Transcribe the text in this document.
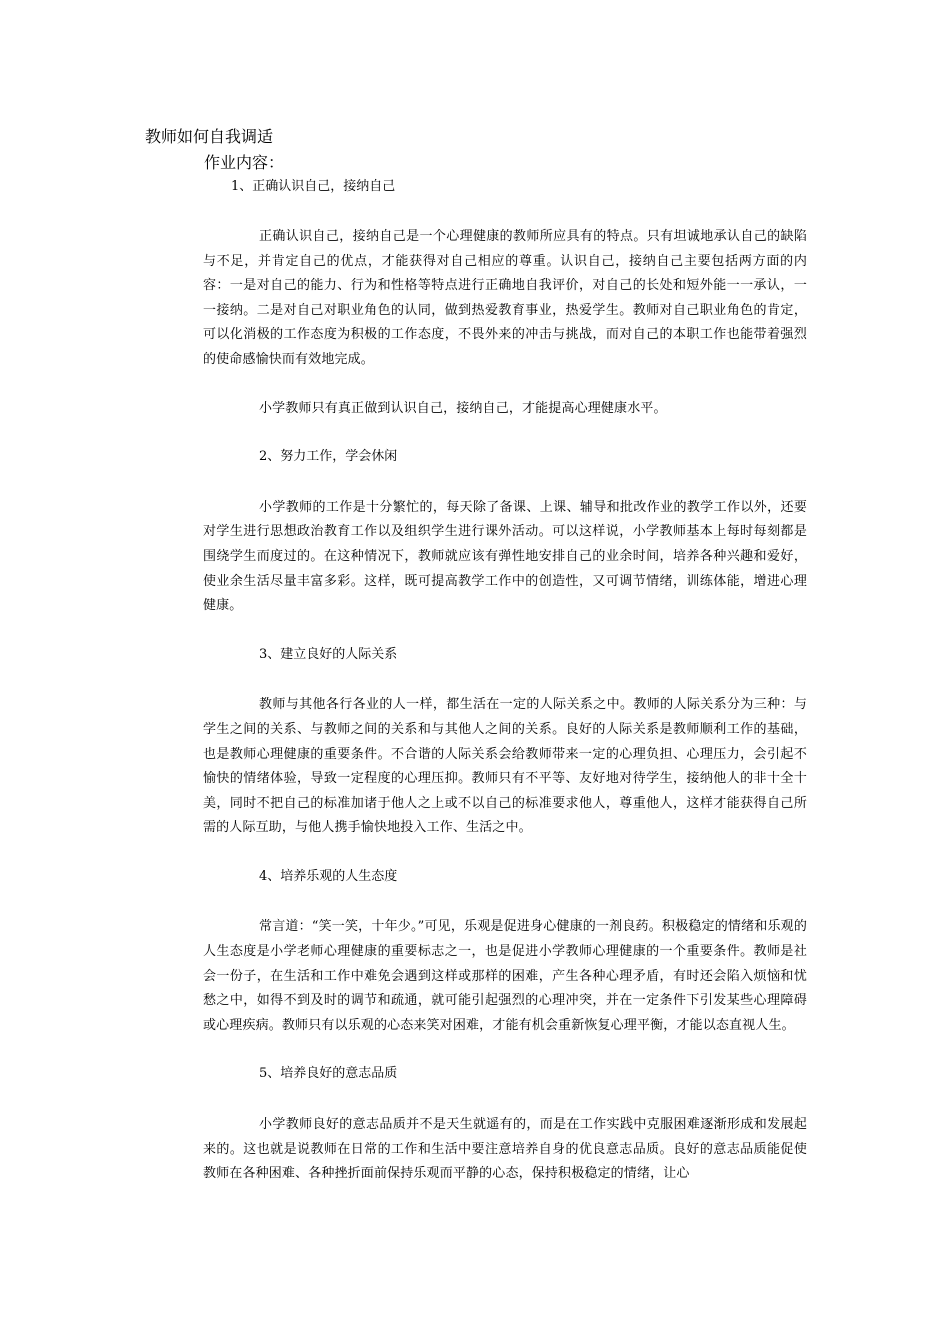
教师如何自我调适
作业内容：
1、正确认识自己，接纳自己

正确认识自己，接纳自己是一个心理健康的教师所应具有的特点。只有坦诚地承认自己的缺陷与不足，并肯定自己的优点，才能获得对自己相应的尊重。认识自己，接纳自己主要包括两方面的内容：一是对自己的能力、行为和性格等特点进行正确地自我评价，对自己的长处和短外能一一承认，一一接纳。二是对自己对职业角色的认同，做到热爱教育事业，热爱学生。教师对自己职业角色的肯定，可以化消极的工作态度为积极的工作态度，不畏外来的冲击与挑战，而对自己的本职工作也能带着强烈的使命感愉快而有效地完成。

小学教师只有真正做到认识自己，接纳自己，才能提高心理健康水平。

2、努力工作，学会休闲

小学教师的工作是十分繁忙的，每天除了备课、上课、辅导和批改作业的教学工作以外，还要对学生进行思想政治教育工作以及组织学生进行课外活动。可以这样说，小学教师基本上每时每刻都是围绕学生而度过的。在这种情况下，教师就应该有弹性地安排自己的业余时间，培养各种兴趣和爱好，使业余生活尽量丰富多彩。这样，既可提高教学工作中的创造性，又可调节情绪，训练体能，增进心理健康。

3、建立良好的人际关系

教师与其他各行各业的人一样，都生活在一定的人际关系之中。教师的人际关系分为三种：与学生之间的关系、与教师之间的关系和与其他人之间的关系。良好的人际关系是教师顺利工作的基础，也是教师心理健康的重要条件。不合谐的人际关系会给教师带来一定的心理负担、心理压力，会引起不愉快的情绪体验，导致一定程度的心理压抑。教师只有不平等、友好地对待学生，接纳他人的非十全十美，同时不把自己的标准加诸于他人之上或不以自己的标准要求他人，尊重他人，这样才能获得自己所需的人际互助，与他人携手愉快地投入工作、生活之中。

4、培养乐观的人生态度

常言道：“笑一笑，十年少。”可见，乐观是促进身心健康的一剂良药。积极稳定的情绪和乐观的人生态度是小学老师心理健康的重要标志之一，也是促进小学教师心理健康的一个重要条件。教师是社会一份子，在生活和工作中难免会遇到这样或那样的困难，产生各种心理矛盾，有时还会陷入烦恼和忧愁之中，如得不到及时的调节和疏通，就可能引起强烈的心理冲突，并在一定条件下引发某些心理障碍或心理疾病。教师只有以乐观的心态来笑对困难，才能有机会重新恢复心理平衡，才能以态直视人生。

5、培养良好的意志品质

小学教师良好的意志品质并不是天生就遥有的，而是在工作实践中克服困难逐渐形成和发展起来的。这也就是说教师在日常的工作和生活中要注意培养自身的优良意志品质。良好的意志品质能促使教师在各种困难、各种挫折面前保持乐观而平静的心态，保持积极稳定的情绪，让心
